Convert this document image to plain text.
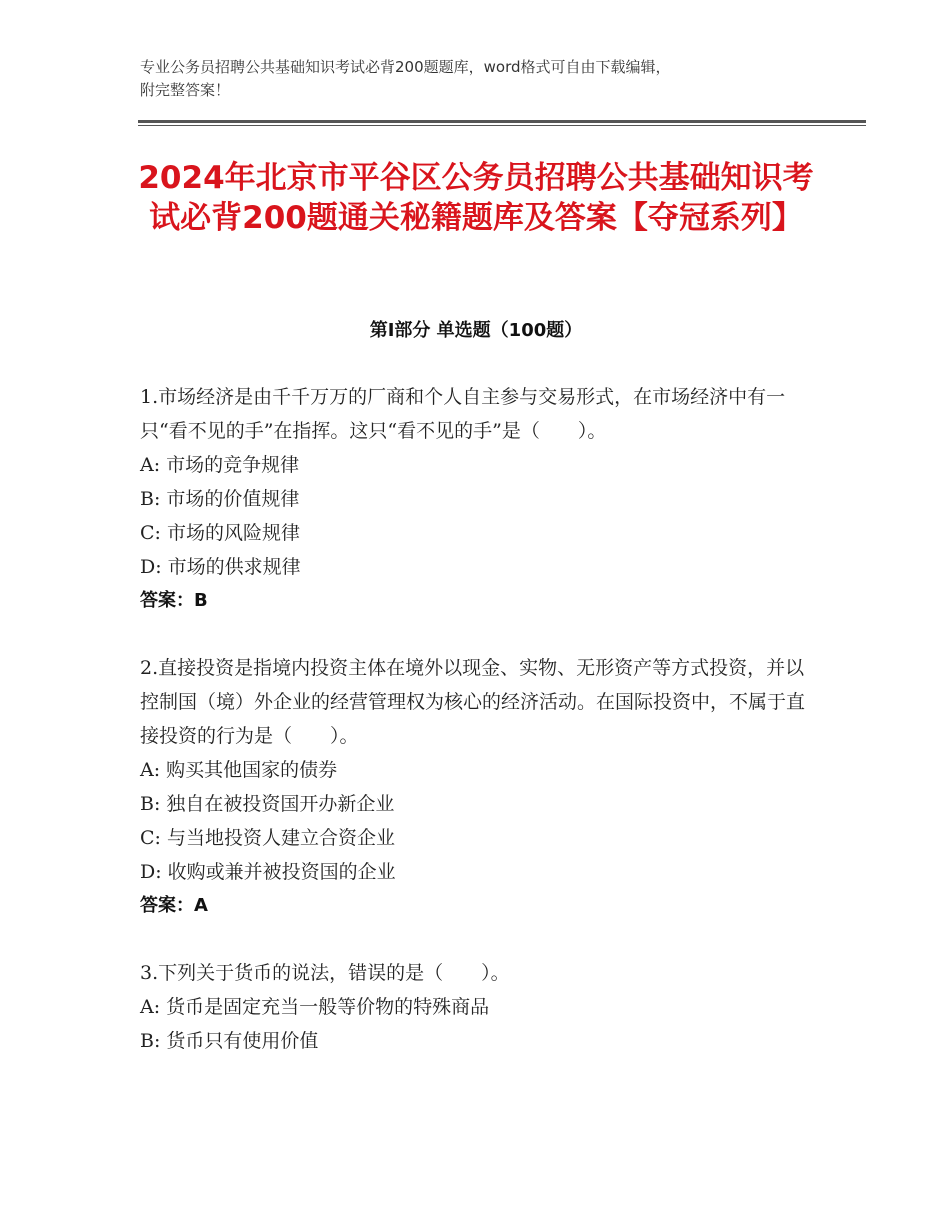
专业公务员招聘公共基础知识考试必背200题题库，word格式可自由下载编辑，
附完整答案！
2024年北京市平谷区公务员招聘公共基础知识考试必背200题通关秘籍题库及答案【夺冠系列】
第Ⅰ部分 单选题（100题）
1.市场经济是由千千万万的厂商和个人自主参与交易形式，在市场经济中有一只“看不见的手”在指挥。这只“看不见的手”是（　　）。
A: 市场的竞争规律
B: 市场的价值规律
C: 市场的风险规律
D: 市场的供求规律
答案：B
2.直接投资是指境内投资主体在境外以现金、实物、无形资产等方式投资，并以控制国（境）外企业的经营管理权为核心的经济活动。在国际投资中，不属于直接投资的行为是（　　）。
A: 购买其他国家的债券
B: 独自在被投资国开办新企业
C: 与当地投资人建立合资企业
D: 收购或兼并被投资国的企业
答案：A
3.下列关于货币的说法，错误的是（　　）。
A: 货币是固定充当一般等价物的特殊商品
B: 货币只有使用价值
